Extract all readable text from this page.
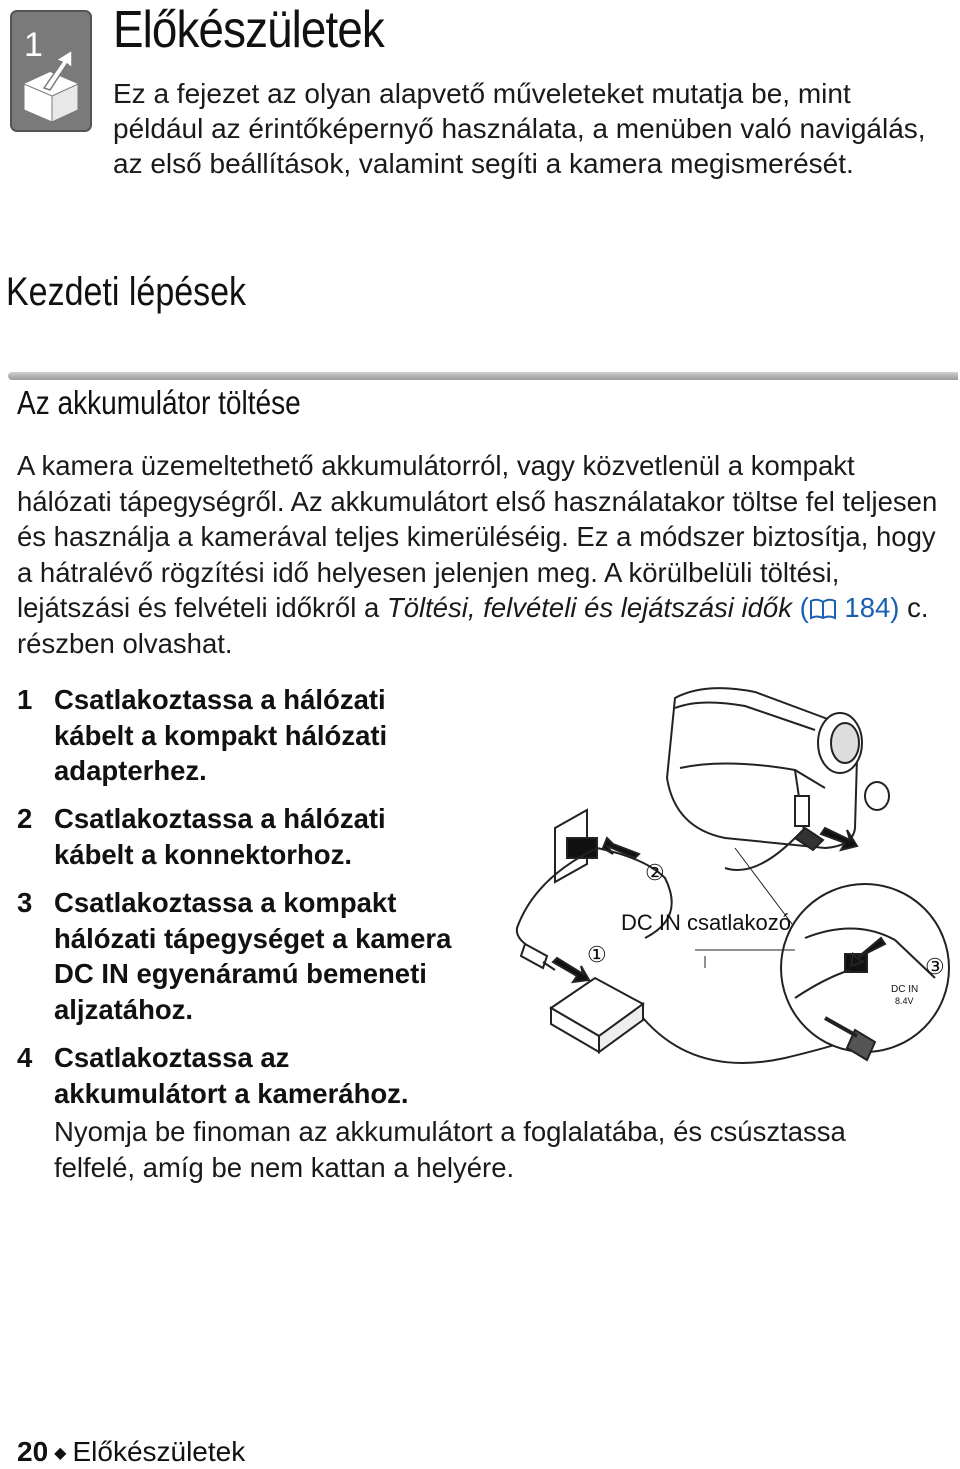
1 Előkészületek
Ez a fejezet az olyan alapvető műveleteket mutatja be, mint például az érintőképernyő használata, a menüben való navigálás, az első beállítások, valamint segíti a kamera megismerését.
Kezdeti lépések
Az akkumulátor töltése
A kamera üzemeltethető akkumulátorról, vagy közvetlenül a kompakt hálózati tápegységről. Az akkumulátort első használatakor töltse fel teljesen és használja a kamerával teljes kimerüléséig. Ez a módszer biztosítja, hogy a hátralévő rögzítési idő helyesen jelenjen meg. A körülbelüli töltési, lejátszási és felvételi időkről a Töltési, felvételi és lejátszási idők ( 184) c. részben olvashat.
1 Csatlakoztassa a hálózati
kábelt a kompakt hálózati
adapterhez.
2 Csatlakoztassa a hálózati
kábelt a konnektorhoz.
3 Csatlakoztassa a kompakt
hálózati tápegységet a kamera
DC IN egyenáramú bemeneti
aljzatához.
4 Csatlakoztassa az
akkumulátort a kamerához.
Nyomja be finoman az akkumulátort a foglalatába, és csúsztassa felfelé, amíg be nem kattan a helyére.
②
DC IN csatlakozó
①	③
DC IN
8.4V
20 ◆ Előkészületek
